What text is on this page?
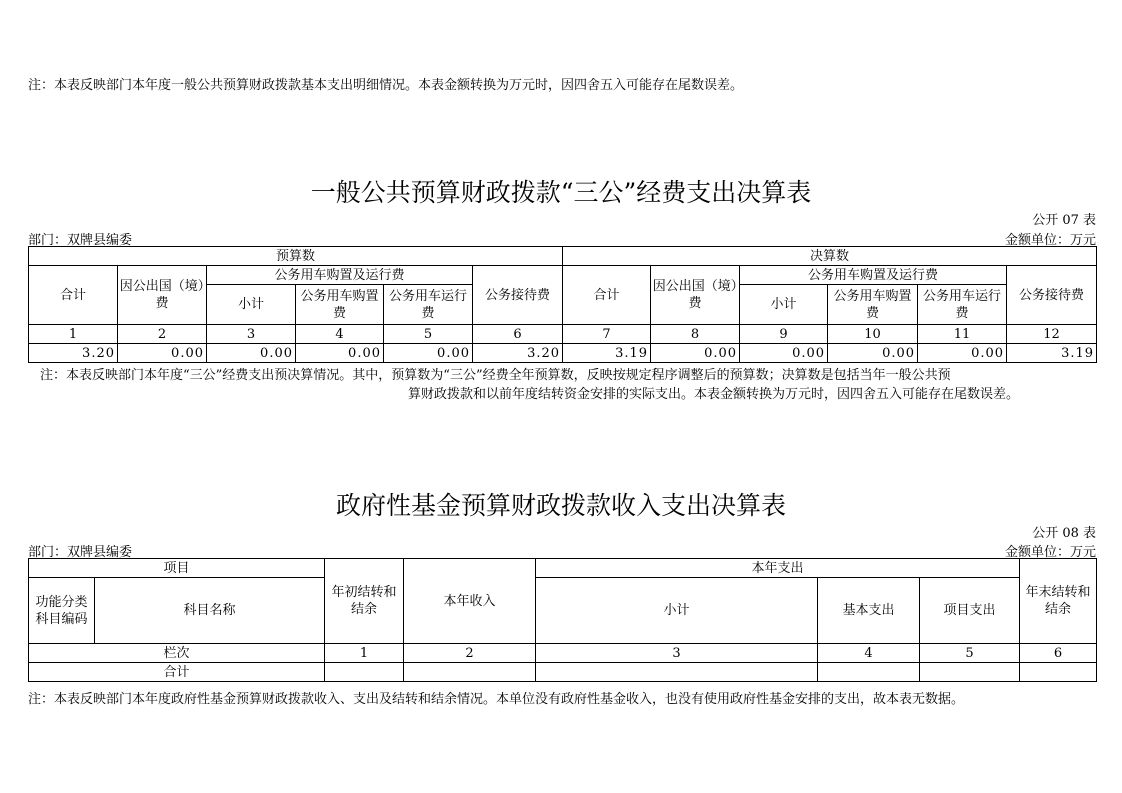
注：本表反映部门本年度一般公共预算财政拨款基本支出明细情况。本表金额转换为万元时，因四舍五入可能存在尾数误差。
一般公共预算财政拨款“三公”经费支出决算表
公开 07 表
部门：双牌县编委	金额单位：万元
预算数						决算数					
合计	因公出国（境）费	公务用车购置及运行费			公务接待费	合计	因公出国（境）费	公务用车购置及运行费			公务接待费
		小计	公务用车购置费	公务用车运行费				小计	公务用车购置费	公务用车运行费	
1	2	3	4	5	6	7	8	9	10	11	12
3.20	0.00	0.00	0.00	0.00	3.20	3.19	0.00	0.00	0.00	0.00	3.19
注：本表反映部门本年度“三公”经费支出预决算情况。其中，预算数为“三公”经费全年预算数，反映按规定程序调整后的预算数；决算数是包括当年一般公共预
算财政拨款和以前年度结转资金安排的实际支出。本表金额转换为万元时，因四舍五入可能存在尾数误差。
政府性基金预算财政拨款收入支出决算表
公开 08 表
部门：双牌县编委	金额单位：万元
项目		年初结转和结余	本年收入	本年支出			年末结转和结余
功能分类科目编码	科目名称			小计	基本支出	项目支出	
栏次		1	2	3	4	5	6
合计							
注：本表反映部门本年度政府性基金预算财政拨款收入、支出及结转和结余情况。本单位没有政府性基金收入，也没有使用政府性基金安排的支出，故本表无数据。
